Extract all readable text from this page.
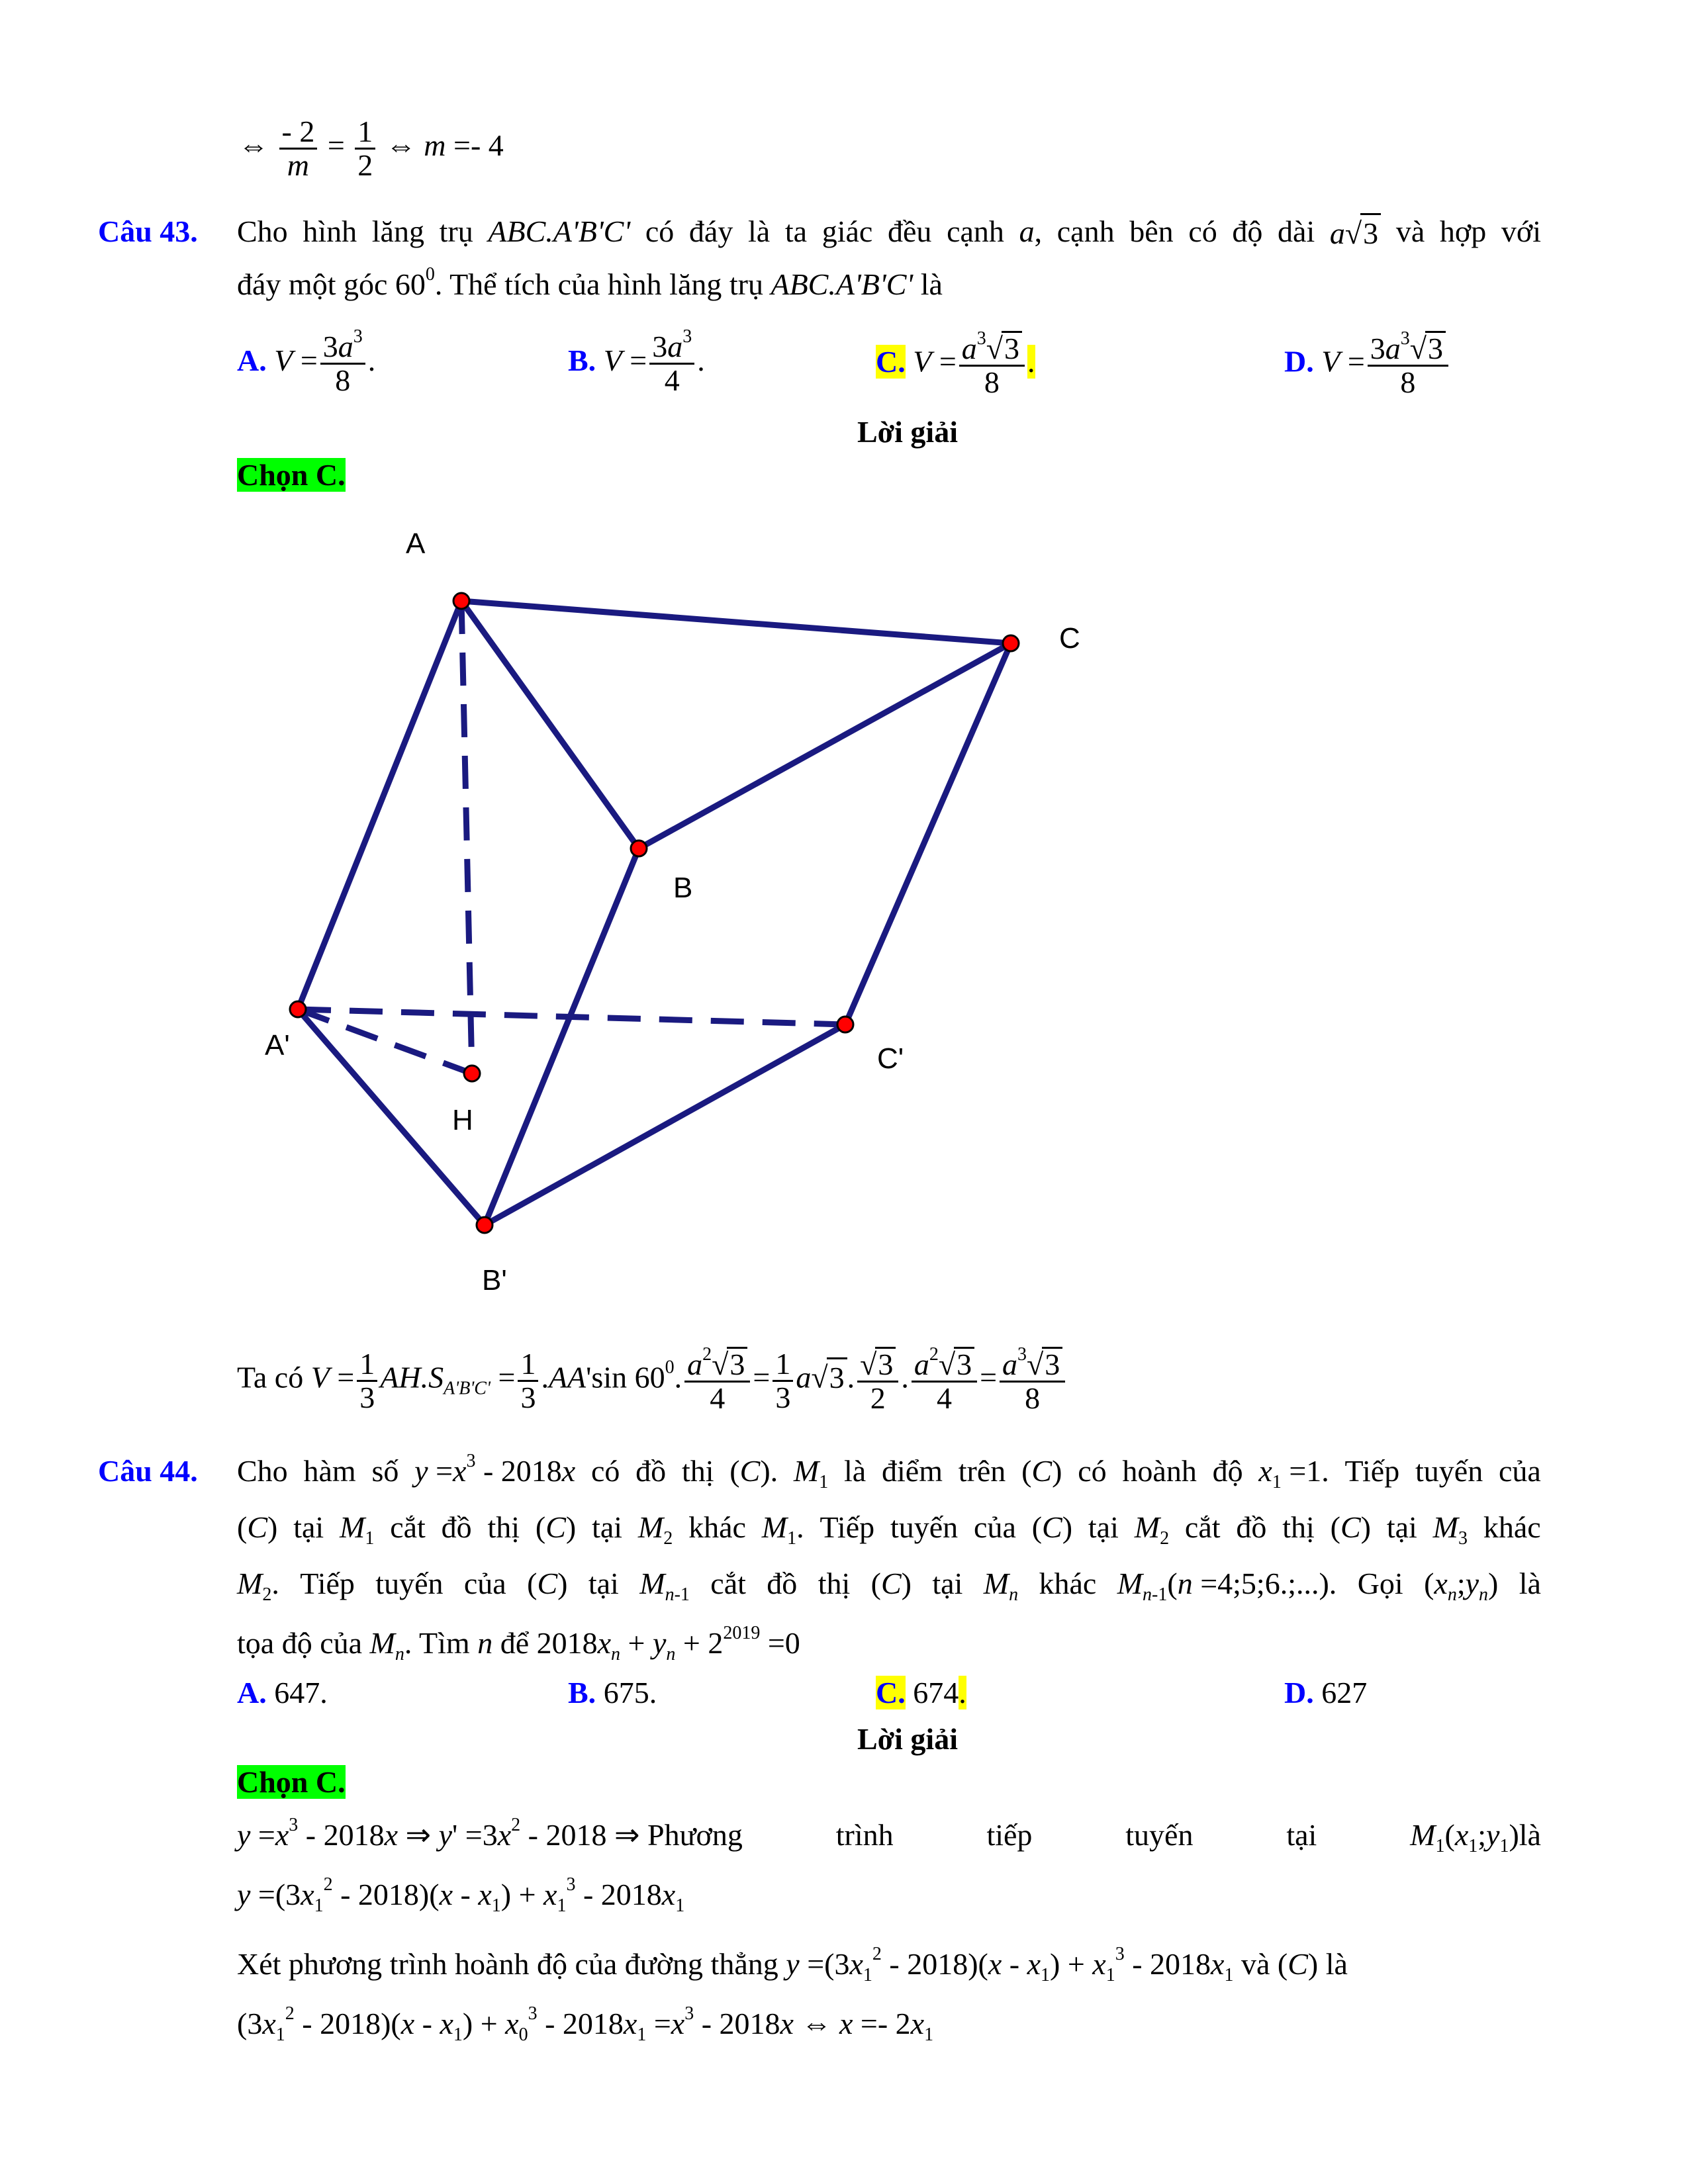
⇔ $\frac{- 2}{m} = \frac{1}{2}$ ⇔ m =- 4
Câu 43. Cho hình lăng trụ ABC.A'B'C' có đáy là ta giác đều cạnh a, cạnh bên có độ dài a√3 và hợp với
đáy một góc $60^0$. Thể tích của hình lăng trụ ABC.A'B'C' là
A. $V = \frac{3a^3}{8}$ .	B. $V = \frac{3a^3}{4}$ .	C. $V = \frac{a^3√3}{8}$ .	D. $V = \frac{3a^3√3}{8}$
Lời giải
Chọn C.
A
C
B
A'	C'
H
B'
Ta có $V = \frac{1}{3} AH.S_{A'B'C'} = \frac{1}{3} .AA'\sin$ $60^0$. $\frac{a^2√3}{4} = \frac{1}{3} a√3$. $\frac{√3}{2}$ . $\frac{a^2√3}{4} = \frac{a^3√3}{8}$
Câu 44. Cho hàm số $y =x^3 - 2018x$ có đồ thị (C). $M_1$ là điểm trên (C) có hoành độ $x_1 =1$. Tiếp tuyến của
(C) tại $M_1$ cắt đồ thị (C) tại $M_2$ khác $M_1$. Tiếp tuyến của (C) tại $M_2$ cắt đồ thị (C) tại $M_3$ khác
$M_2$. Tiếp tuyến của (C) tại $M_{n-1}$ cắt đồ thị (C) tại $M_n$ khác $M_{n-1}(n$ =4;5;6.;...). Gọi $(x_n;y_n)$ là
tọa độ của $M_n$. Tìm n để $2018x_n + y_n + 2^{2019} =0$
A. 647.	B. 675.	C. 674.	D. 627
Lời giải
Chọn C.
$y =x^3 - 2018x$ ⇒ $y' =3x^2 - 2018$ ⇒ Phương	trình	tiếp	tuyến	tại	$M_1(x_1;y_1)là$
$y =(3x_1^2 - 2018)(x - x_1) + x_1^3 - 2018x_1$
Xét phương trình hoành độ của đường thẳng $y =(3x_1^2 - 2018)(x - x_1) + x_1^3 - 2018x_1$ và (C) là
$(3x_1^2 - 2018)(x - x_1) + x_0^3 - 2018x_1 =x^3 - 2018x$ ⇔ $x =- 2x_1$
